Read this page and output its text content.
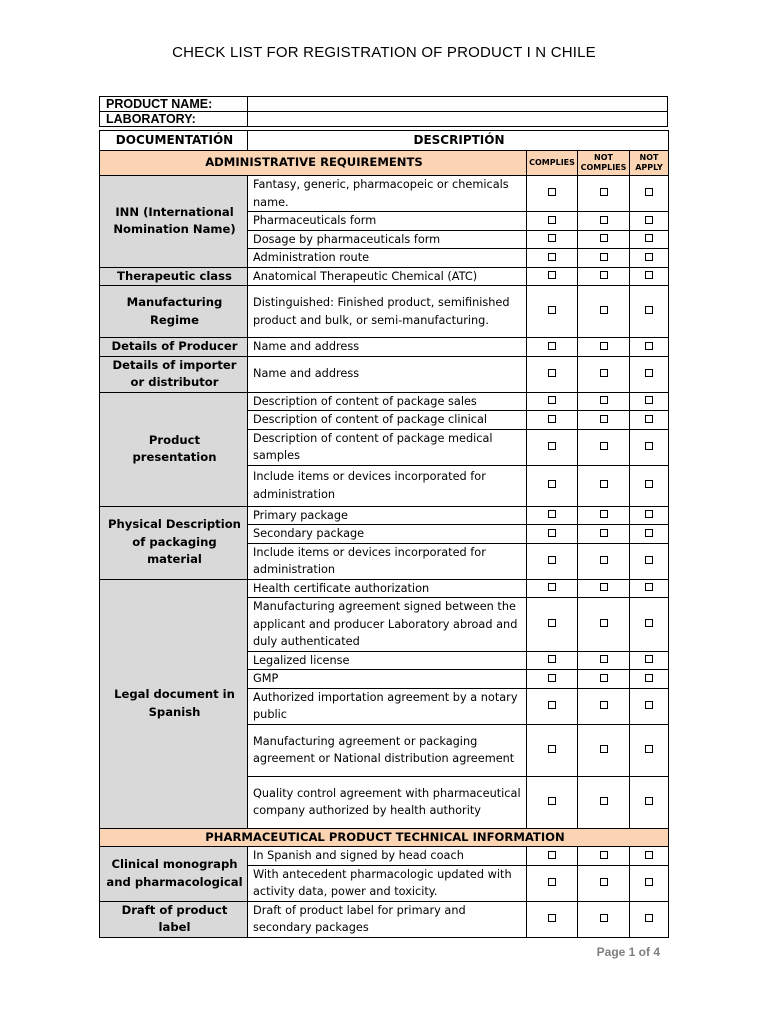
CHECK LIST FOR REGISTRATION OF PRODUCT I N CHILE
PRODUCT NAME:	
LABORATORY:	
DOCUMENTATIÓN	DESCRIPTIÓN			
ADMINISTRATIVE REQUIREMENTS		COMPLIES	NOT COMPLIES	NOT APPLY
INN (International Nomination Name)	Fantasy, generic, pharmacopeic or chemicals name.			
	Pharmaceuticals form			
	Dosage by pharmaceuticals form			
	Administration route			
Therapeutic class	Anatomical Therapeutic Chemical (ATC)			
Manufacturing Regime	Distinguished: Finished product, semifinished product and bulk, or semi-manufacturing.			
Details of Producer	Name and address			
Details of importer or distributor	Name and address			
Product presentation	Description of content of package sales			
	Description of content of package clinical			
	Description of content of package medical samples			
	Include items or devices incorporated for administration			
Physical Description of packaging material	Primary package			
	Secondary package			
	Include items or devices incorporated for administration			
Legal document in Spanish	Health certificate authorization			
	Manufacturing agreement signed between the applicant and producer Laboratory abroad and duly authenticated			
	Legalized license			
	GMP			
	Authorized importation agreement by a notary public			
	Manufacturing agreement or packaging agreement or National distribution agreement			
	Quality control agreement with pharmaceutical company authorized by health authority			
PHARMACEUTICAL PRODUCT TECHNICAL INFORMATION				
Clinical monograph and pharmacological	In Spanish and signed by head coach			
	With antecedent pharmacologic updated with activity data, power and toxicity.			
Draft of product label	Draft of product label for primary and secondary packages			
Page 1 of 4
